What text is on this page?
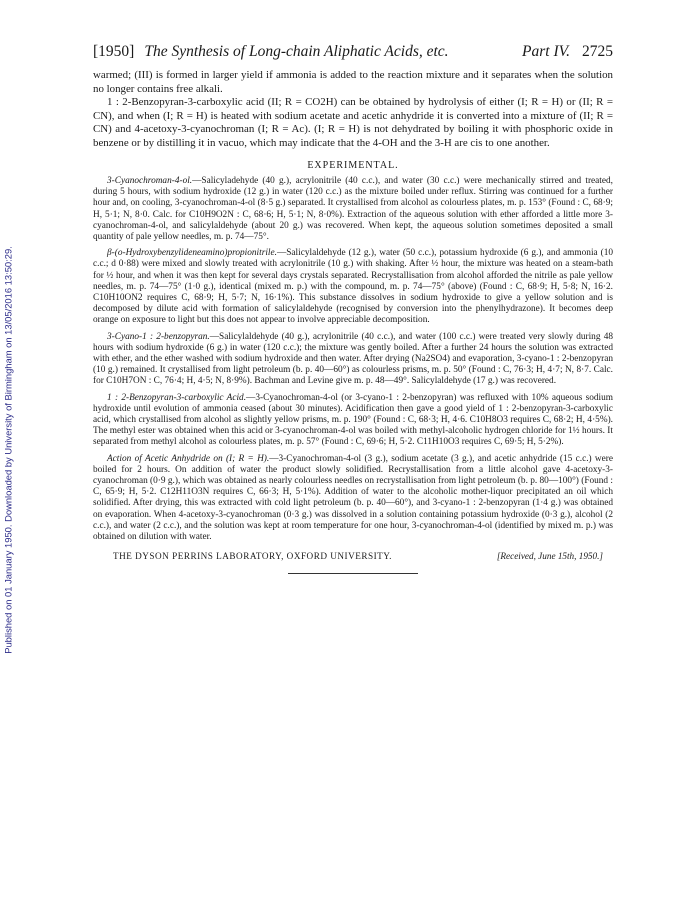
Published on 01 January 1950. Downloaded by University of Birmingham on 13/05/2016 13:50:29.
[1950] The Synthesis of Long-chain Aliphatic Acids, etc.	Part IV. 2725

warmed; (III) is formed in larger yield if ammonia is added to the reaction mixture and it separates when the solution no longer contains free alkali.

1 : 2-Benzopyran-3-carboxylic acid (II; R = CO2H) can be obtained by hydrolysis of either (I; R = H) or (II; R = CN), and when (I; R = H) is heated with sodium acetate and acetic anhydride it is converted into a mixture of (II; R = CN) and 4-acetoxy-3-cyanochroman (I; R = Ac). (I; R = H) is not dehydrated by boiling it with phosphoric oxide in benzene or by distilling it in vacuo, which may indicate that the 4-OH and the 3-H are cis to one another.

EXPERIMENTAL.

3-Cyanochroman-4-ol.—Salicyladehyde (40 g.), acrylonitrile (40 c.c.), and water (30 c.c.) were mechanically stirred and treated, during 5 hours, with sodium hydroxide (12 g.) in water (120 c.c.) as the mixture boiled under reflux. Stirring was continued for a further hour and, on cooling, 3-cyanochroman-4-ol (8·5 g.) separated. It crystallised from alcohol as colourless plates, m. p. 153° (Found : C, 68·9; H, 5·1; N, 8·0. Calc. for C10H9O2N : C, 68·6; H, 5·1; N, 8·0%). Extraction of the aqueous solution with ether afforded a little more 3-cyanochroman-4-ol, and salicylaldehyde (about 20 g.) was recovered. When kept, the aqueous solution sometimes deposited a small quantity of pale yellow needles, m. p. 74—75°.

β-(o-Hydroxybenzylideneamino)propionitrile.—Salicylaldehyde (12 g.), water (50 c.c.), potassium hydroxide (6 g.), and ammonia (10 c.c.; d 0·88) were mixed and slowly treated with acrylonitrile (10 g.) with shaking. After ½ hour, the mixture was heated on a steam-bath for ½ hour, and when it was then kept for several days crystals separated. Recrystallisation from alcohol afforded the nitrile as pale yellow needles, m. p. 74—75° (1·0 g.), identical (mixed m. p.) with the compound, m. p. 74—75° (above) (Found : C, 68·9; H, 5·8; N, 16·2. C10H10ON2 requires C, 68·9; H, 5·7; N, 16·1%). This substance dissolves in sodium hydroxide to give a yellow solution and is decomposed by dilute acid with formation of salicylaldehyde (recognised by conversion into the phenylhydrazone). It becomes deep orange on exposure to light but this does not appear to involve appreciable decomposition.

3-Cyano-1 : 2-benzopyran.—Salicylaldehyde (40 g.), acrylonitrile (40 c.c.), and water (100 c.c.) were treated very slowly during 48 hours with sodium hydroxide (6 g.) in water (120 c.c.); the mixture was gently boiled. After a further 24 hours the solution was extracted with ether, and the ether washed with sodium hydroxide and then water. After drying (Na2SO4) and evaporation, 3-cyano-1 : 2-benzopyran (10 g.) remained. It crystallised from light petroleum (b. p. 40—60°) as colourless prisms, m. p. 50° (Found : C, 76·3; H, 4·7; N, 8·7. Calc. for C10H7ON : C, 76·4; H, 4·5; N, 8·9%). Bachman and Levine give m. p. 48—49°. Salicylaldehyde (17 g.) was recovered.

1 : 2-Benzopyran-3-carboxylic Acid.—3-Cyanochroman-4-ol (or 3-cyano-1 : 2-benzopyran) was refluxed with 10% aqueous sodium hydroxide until evolution of ammonia ceased (about 30 minutes). Acidification then gave a good yield of 1 : 2-benzopyran-3-carboxylic acid, which crystallised from alcohol as slightly yellow prisms, m. p. 190° (Found : C, 68·3; H, 4·6. C10H8O3 requires C, 68·2; H, 4·5%). The methyl ester was obtained when this acid or 3-cyanochroman-4-ol was boiled with methyl-alcoholic hydrogen chloride for 1½ hours. It separated from methyl alcohol as colourless plates, m. p. 57° (Found : C, 69·6; H, 5·2. C11H10O3 requires C, 69·5; H, 5·2%).

Action of Acetic Anhydride on (I; R = H).—3-Cyanochroman-4-ol (3 g.), sodium acetate (3 g.), and acetic anhydride (15 c.c.) were boiled for 2 hours. On addition of water the product slowly solidified. Recrystallisation from a little alcohol gave 4-acetoxy-3-cyanochroman (0·9 g.), which was obtained as nearly colourless needles on recrystallisation from light petroleum (b. p. 80—100°) (Found : C, 65·9; H, 5·2. C12H11O3N requires C, 66·3; H, 5·1%). Addition of water to the alcoholic mother-liquor precipitated an oil which solidified. After drying, this was extracted with cold light petroleum (b. p. 40—60°), and 3-cyano-1 : 2-benzopyran (1·4 g.) was obtained on evaporation. When 4-acetoxy-3-cyanochroman (0·3 g.) was dissolved in a solution containing potassium hydroxide (0·3 g.), alcohol (2 c.c.), and water (2 c.c.), and the solution was kept at room temperature for one hour, 3-cyanochroman-4-ol (identified by mixed m. p.) was obtained on dilution with water.

THE DYSON PERRINS LABORATORY, OXFORD UNIVERSITY.	[Received, June 15th, 1950.]
